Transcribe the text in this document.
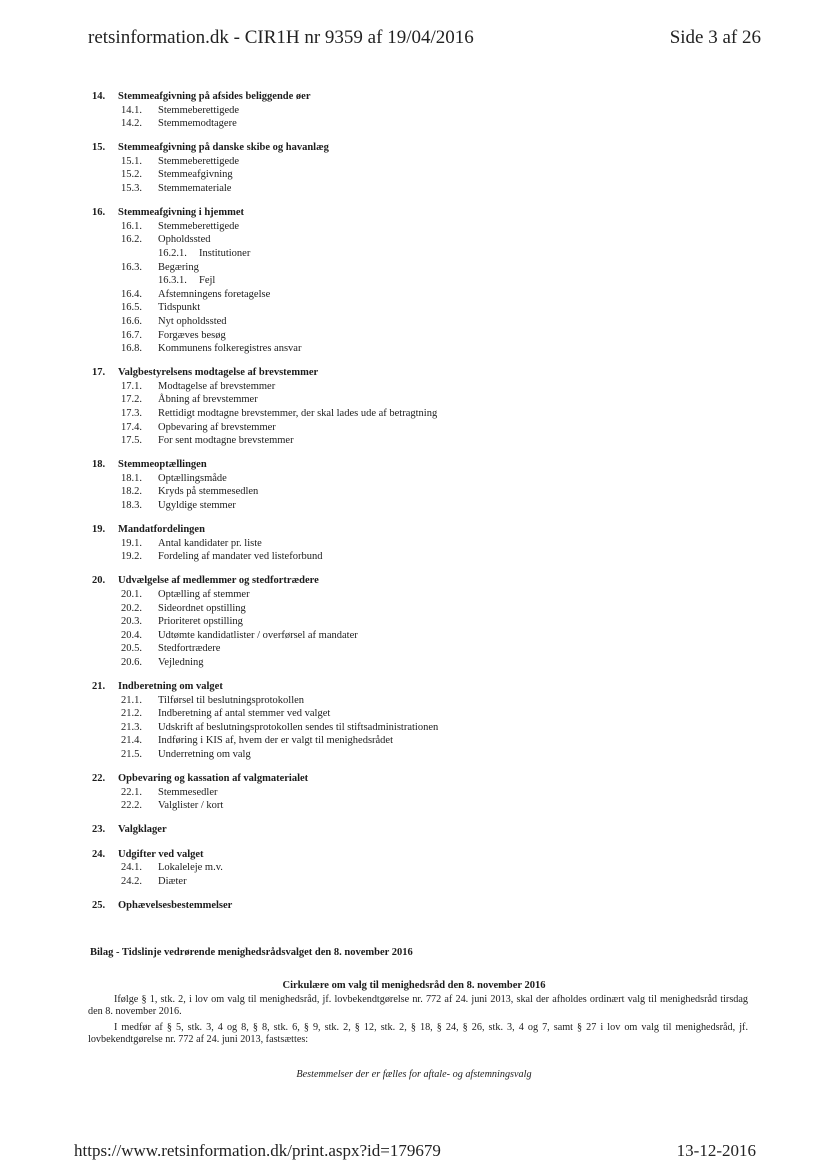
retsinformation.dk - CIR1H nr 9359 af 19/04/2016	Side 3 af 26
14. Stemmeafgivning på afsides beliggende øer
14.1. Stemmeberettigede
14.2. Stemmemodtagere
15. Stemmeafgivning på danske skibe og havanlæg
15.1. Stemmeberettigede
15.2. Stemmeafgivning
15.3. Stemmemateriale
16. Stemmeafgivning i hjemmet
16.1. Stemmeberettigede
16.2. Opholdssted
16.2.1. Institutioner
16.3. Begæring
16.3.1. Fejl
16.4. Afstemningens foretagelse
16.5. Tidspunkt
16.6. Nyt opholdssted
16.7. Forgæves besøg
16.8. Kommunens folkeregistres ansvar
17. Valgbestyrelsens modtagelse af brevstemmer
17.1. Modtagelse af brevstemmer
17.2. Åbning af brevstemmer
17.3. Rettidigt modtagne brevstemmer, der skal lades ude af betragtning
17.4. Opbevaring af brevstemmer
17.5. For sent modtagne brevstemmer
18. Stemmeoptællingen
18.1. Optællingsmåde
18.2. Kryds på stemmesedlen
18.3. Ugyldige stemmer
19. Mandatfordelingen
19.1. Antal kandidater pr. liste
19.2. Fordeling af mandater ved listeforbund
20. Udvælgelse af medlemmer og stedfortrædere
20.1. Optælling af stemmer
20.2. Sideordnet opstilling
20.3. Prioriteret opstilling
20.4. Udtømte kandidatlister / overførsel af mandater
20.5. Stedfortrædere
20.6. Vejledning
21. Indberetning om valget
21.1. Tilførsel til beslutningsprotokollen
21.2. Indberetning af antal stemmer ved valget
21.3. Udskrift af beslutningsprotokollen sendes til stiftsadministrationen
21.4. Indføring i KIS af, hvem der er valgt til menighedsrådet
21.5. Underretning om valg
22. Opbevaring og kassation af valgmaterialet
22.1. Stemmesedler
22.2. Valglister / kort
23. Valgklager
24. Udgifter ved valget
24.1. Lokaleleje m.v.
24.2. Diæter
25. Ophævelsesbestemmelser
Bilag - Tidslinje vedrørende menighedsrådsvalget den 8. november 2016
Cirkulære om valg til menighedsråd den 8. november 2016
Ifølge § 1, stk. 2, i lov om valg til menighedsråd, jf. lovbekendtgørelse nr. 772 af 24. juni 2013, skal der afholdes ordinært valg til menighedsråd tirsdag den 8. november 2016.
I medfør af § 5, stk. 3, 4 og 8, § 8, stk. 6, § 9, stk. 2, § 12, stk. 2, § 18, § 24, § 26, stk. 3, 4 og 7, samt § 27 i lov om valg til menighedsråd, jf. lovbekendtgørelse nr. 772 af 24. juni 2013, fastsættes:
Bestemmelser der er fælles for aftale- og afstemningsvalg
https://www.retsinformation.dk/print.aspx?id=179679	13-12-2016
